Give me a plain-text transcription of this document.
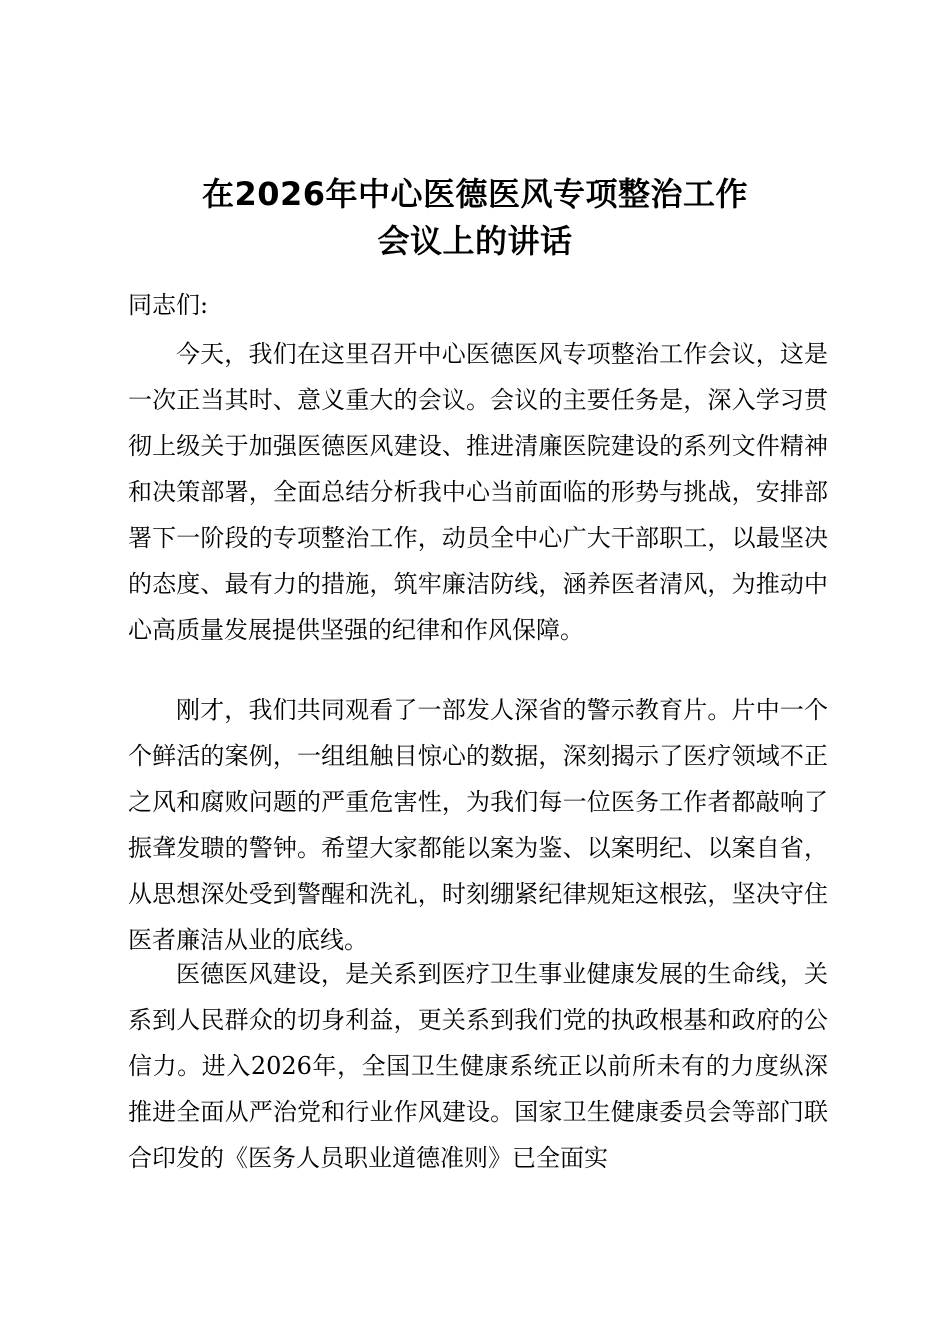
在2026年中心医德医风专项整治工作
会议上的讲话
同志们:

今天，我们在这里召开中心医德医风专项整治工作会议，这是一次正当其时、意义重大的会议。会议的主要任务是，深入学习贯彻上级关于加强医德医风建设、推进清廉医院建设的系列文件精神和决策部署，全面总结分析我中心当前面临的形势与挑战，安排部署下一阶段的专项整治工作，动员全中心广大干部职工，以最坚决的态度、最有力的措施，筑牢廉洁防线，涵养医者清风，为推动中心高质量发展提供坚强的纪律和作风保障。

刚才，我们共同观看了一部发人深省的警示教育片。片中一个个鲜活的案例，一组组触目惊心的数据，深刻揭示了医疗领域不正之风和腐败问题的严重危害性，为我们每一位医务工作者都敲响了振聋发聩的警钟。希望大家都能以案为鉴、以案明纪、以案自省，从思想深处受到警醒和洗礼，时刻绷紧纪律规矩这根弦，坚决守住医者廉洁从业的底线。

医德医风建设，是关系到医疗卫生事业健康发展的生命线，关系到人民群众的切身利益，更关系到我们党的执政根基和政府的公信力。进入2026年，全国卫生健康系统正以前所未有的力度纵深推进全面从严治党和行业作风建设。国家卫生健康委员会等部门联合印发的《医务人员职业道德准则》已全面实
